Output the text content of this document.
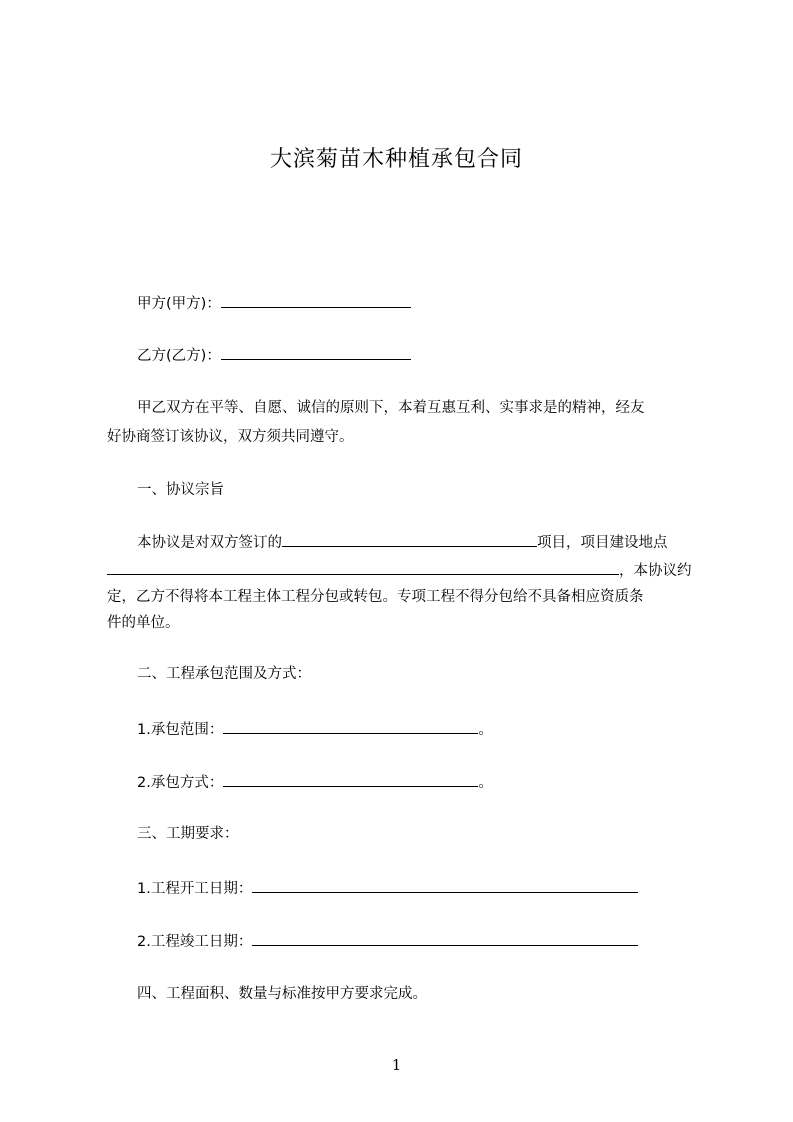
大滨菊苗木种植承包合同
甲方(甲方)：
乙方(乙方)：
甲乙双方在平等、自愿、诚信的原则下，本着互惠互利、实事求是的精神，经友
好协商签订该协议，双方须共同遵守。
一、协议宗旨
本协议是对双方签订的	项目，项目建设地点
，本协议约
定，乙方不得将本工程主体工程分包或转包。专项工程不得分包给不具备相应资质条
件的单位。
二、工程承包范围及方式：
1.承包范围：	。
2.承包方式：	。
三、工期要求：
1.工程开工日期：
2.工程竣工日期：
四、工程面积、数量与标准按甲方要求完成。
1
